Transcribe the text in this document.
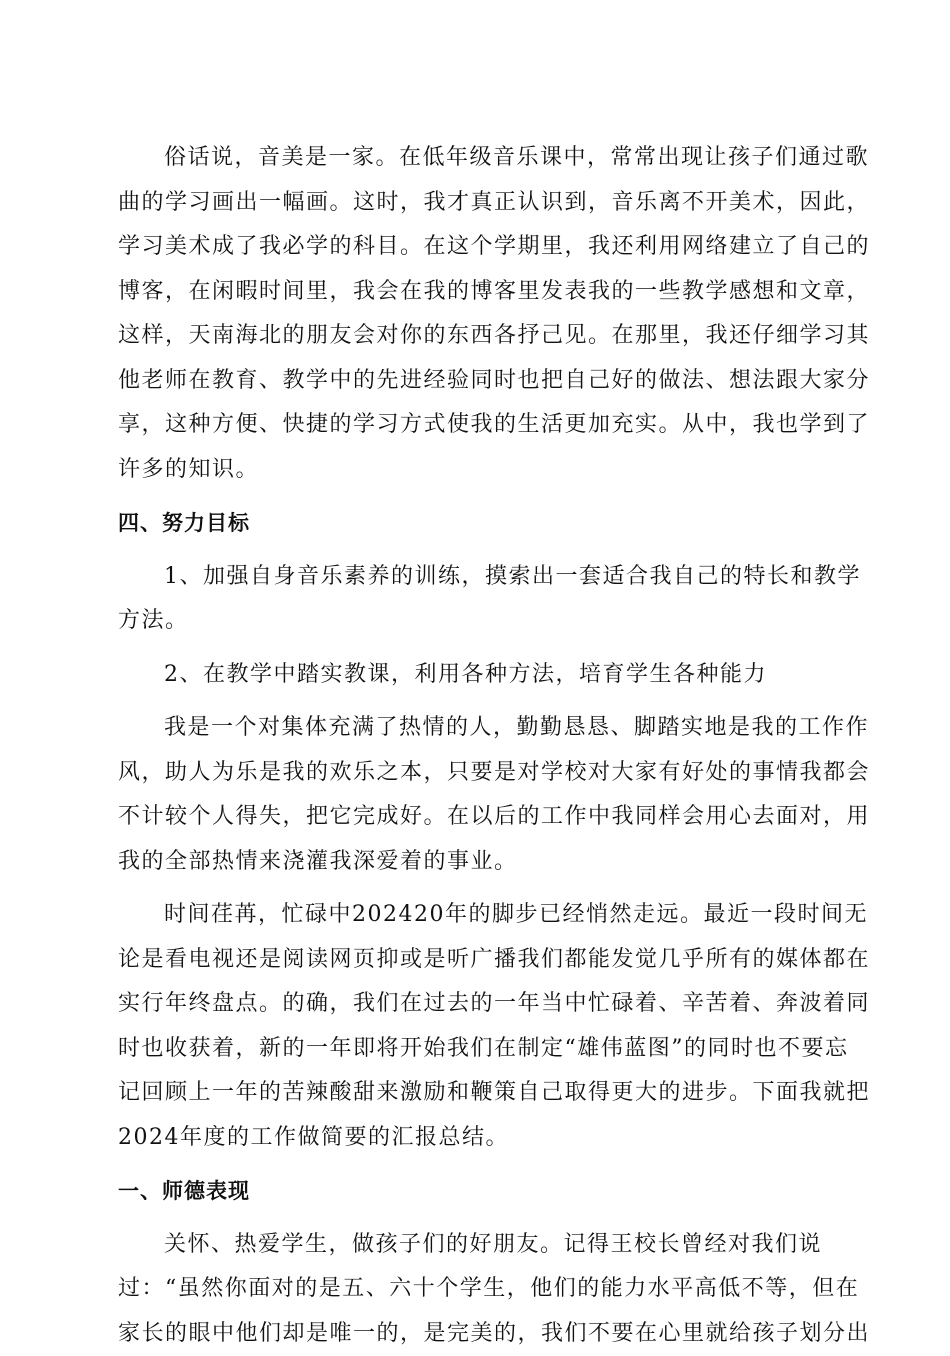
俗话说，音美是一家。在低年级音乐课中，常常出现让孩子们通过歌
曲的学习画出一幅画。这时，我才真正认识到，音乐离不开美术，因此，
学习美术成了我必学的科目。在这个学期里，我还利用网络建立了自己的
博客，在闲暇时间里，我会在我的博客里发表我的一些教学感想和文章，
这样，天南海北的朋友会对你的东西各抒己见。在那里，我还仔细学习其
他老师在教育、教学中的先进经验同时也把自己好的做法、想法跟大家分
享，这种方便、快捷的学习方式使我的生活更加充实。从中，我也学到了
许多的知识。

四、努力目标

1、加强自身音乐素养的训练，摸索出一套适合我自己的特长和教学
方法。

2、在教学中踏实教课，利用各种方法，培育学生各种能力

我是一个对集体充满了热情的人，勤勤恳恳、脚踏实地是我的工作作
风，助人为乐是我的欢乐之本，只要是对学校对大家有好处的事情我都会
不计较个人得失，把它完成好。在以后的工作中我同样会用心去面对，用
我的全部热情来浇灌我深爱着的事业。

时间荏苒，忙碌中202420年的脚步已经悄然走远。最近一段时间无
论是看电视还是阅读网页抑或是听广播我们都能发觉几乎所有的媒体都在
实行年终盘点。的确，我们在过去的一年当中忙碌着、辛苦着、奔波着同
时也收获着，新的一年即将开始我们在制定“雄伟蓝图”的同时也不要忘
记回顾上一年的苦辣酸甜来激励和鞭策自己取得更大的进步。下面我就把
2024年度的工作做简要的汇报总结。

一、师德表现

关怀、热爱学生，做孩子们的好朋友。记得王校长曾经对我们说
过：“虽然你面对的是五、六十个学生，他们的能力水平高低不等，但在
家长的眼中他们却是唯一的，是完美的，我们不要在心里就给孩子划分出
